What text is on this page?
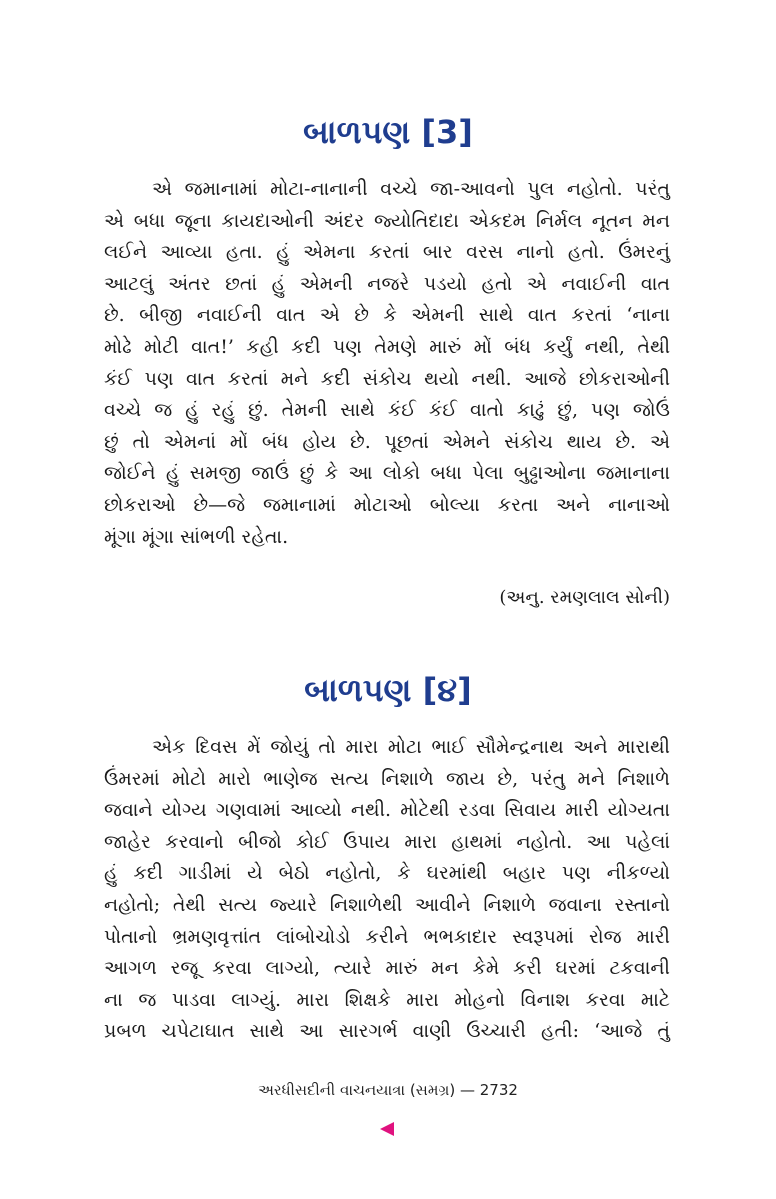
બાળપણ [3]
એ જમાનામાં મોટા-નાનાની વચ્ચે જા-આવનો પુલ નહોતો. પરંતુ
એ બધા જૂના કાયદાઓની અંદર જ્યોતિદાદા એકદમ નિર્મલ નૂતન મન
લઈને આવ્યા હતા. હું એમના કરતાં બાર વરસ નાનો હતો. ઉંમરનું
આટલું અંતર છતાં હું એમની નજરે પડયો હતો એ નવાઈની વાત
છે. બીજી નવાઈની વાત એ છે કે એમની સાથે વાત કરતાં ‘નાના
મોઢે મોટી વાત!’ કહી કદી પણ તેમણે મારું મોં બંધ કર્યું નથી, તેથી
કંઈ પણ વાત કરતાં મને કદી સંકોચ થયો નથી. આજે છોકરાઓની
વચ્ચે જ હું રહું છું. તેમની સાથે કંઈ કંઈ વાતો કાઢું છું, પણ જોઉં
છું તો એમનાં મોં બંધ હોય છે. પૂછતાં એમને સંકોચ થાય છે. એ
જોઈને હું સમજી જાઉં છું કે આ લોકો બધા પેલા બુઢ્ઢાઓના જમાનાના
છોકરાઓ છે—જે જમાનામાં મોટાઓ બોલ્યા કરતા અને નાનાઓ
મૂંગા મૂંગા સાંભળી રહેતા.
(અનુ. રમણલાલ સોની)
બાળપણ [૪]
એક દિવસ મેં જોયું તો મારા મોટા ભાઈ સૌમેન્દ્રનાથ અને મારાથી
ઉંમરમાં મોટો મારો ભાણેજ સત્ય નિશાળે જાય છે, પરંતુ મને નિશાળે
જવાને યોગ્ય ગણવામાં આવ્યો નથી. મોટેથી રડવા સિવાય મારી યોગ્યતા
જાહેર કરવાનો બીજો કોઈ ઉપાય મારા હાથમાં નહોતો. આ પહેલાં
હું કદી ગાડીમાં યે બેઠો નહોતો, કે ઘરમાંથી બહાર પણ નીકળ્યો
નહોતો; તેથી સત્ય જ્યારે નિશાળેથી આવીને નિશાળે જવાના રસ્તાનો
પોતાનો ભ્રમણવૃત્તાંત લાંબોચોડો કરીને ભભકાદાર સ્વરૂપમાં રોજ મારી
આગળ રજૂ કરવા લાગ્યો, ત્યારે મારું મન કેમે કરી ઘરમાં ટકવાની
ના જ પાડવા લાગ્યું. મારા શિક્ષકે મારા મોહનો વિનાશ કરવા માટે
પ્રબળ ચપેટાઘાત સાથે આ સારગર્ભ વાણી ઉચ્ચારી હતી: ‘આજે તું
અરધીસદીની વાચનયાત્રા (સમગ્ર) — 2732
